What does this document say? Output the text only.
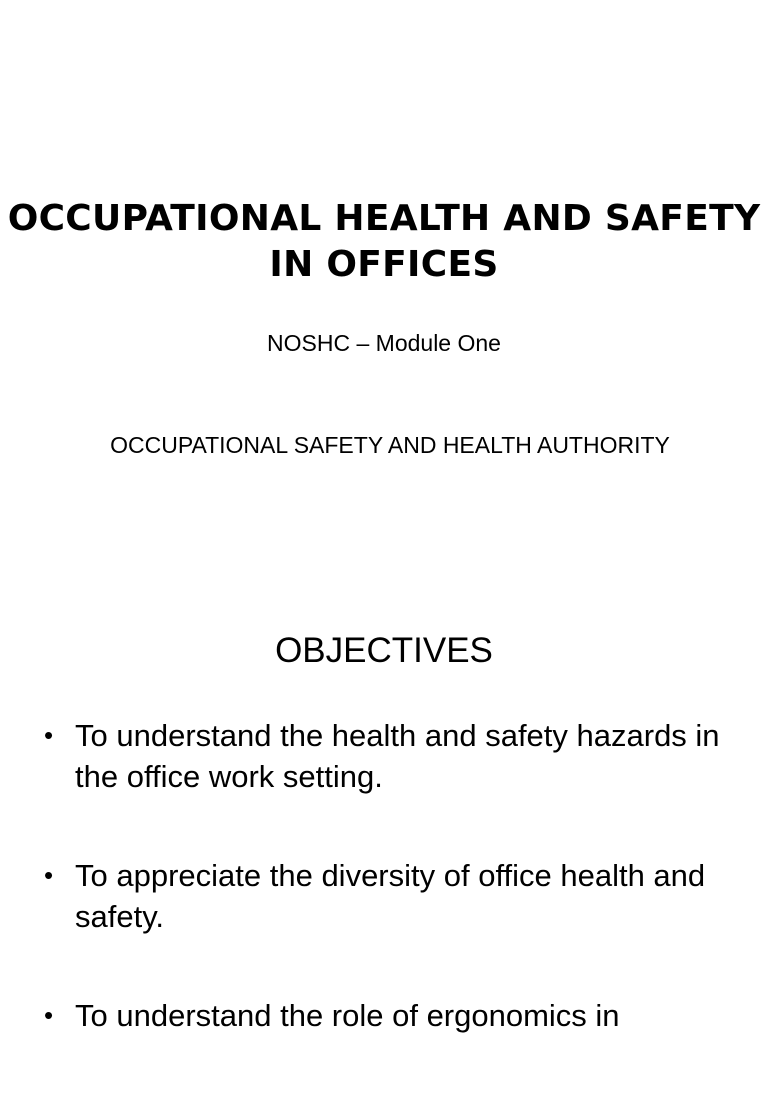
OCCUPATIONAL HEALTH AND SAFETY IN OFFICES
NOSHC – Module One
OCCUPATIONAL SAFETY AND HEALTH AUTHORITY
OBJECTIVES
• To understand the health and safety hazards in the office work setting.
• To appreciate the diversity of office health and safety.
• To understand the role of ergonomics in
